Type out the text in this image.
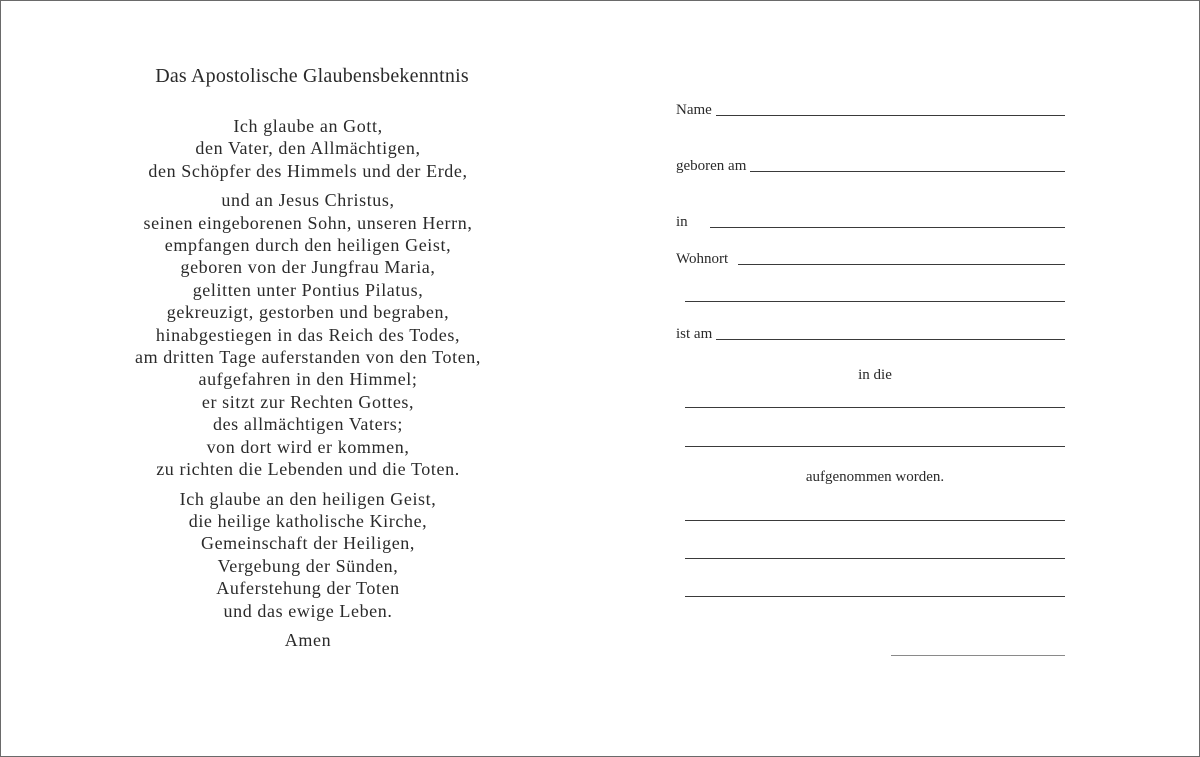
Das Apostolische Glaubensbekenntnis

Ich glaube an Gott,
den Vater, den Allmächtigen,
den Schöpfer des Himmels und der Erde,

und an Jesus Christus,
seinen eingeborenen Sohn, unseren Herrn,
empfangen durch den heiligen Geist,
geboren von der Jungfrau Maria,
gelitten unter Pontius Pilatus,
gekreuzigt, gestorben und begraben,
hinabgestiegen in das Reich des Todes,
am dritten Tage auferstanden von den Toten,
aufgefahren in den Himmel;
er sitzt zur Rechten Gottes,
des allmächtigen Vaters;
von dort wird er kommen,
zu richten die Lebenden und die Toten.

Ich glaube an den heiligen Geist,
die heilige katholische Kirche,
Gemeinschaft der Heiligen,
Vergebung der Sünden,
Auferstehung der Toten
und das ewige Leben.

Amen

Name
geboren am
in
Wohnort
ist am
in die
aufgenommen worden.
